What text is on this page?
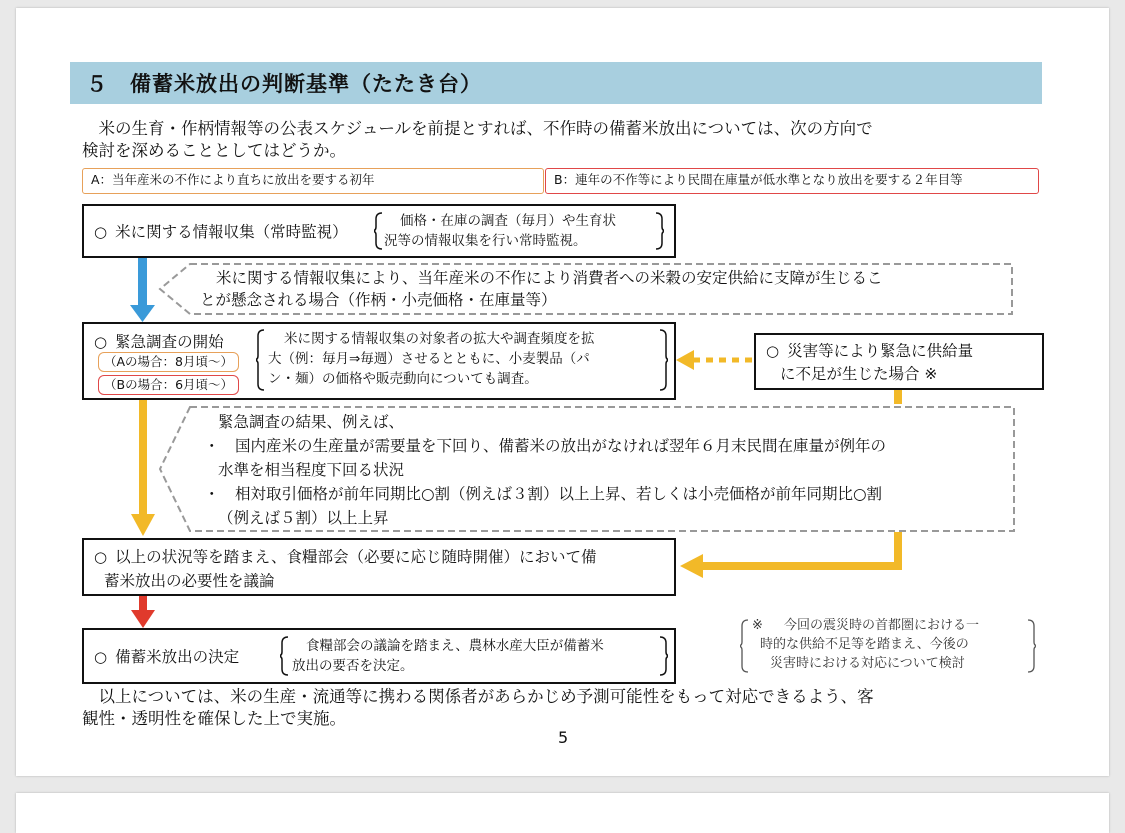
５　備蓄米放出の判断基準（たたき台）
　米の生育・作柄情報等の公表スケジュールを前提とすれば、不作時の備蓄米放出については、次の方向で
検討を深めることとしてはどうか。
A：当年産米の不作により直ちに放出を要する初年	B：連年の不作等により民間在庫量が低水準となり放出を要する２年目等
○ 米に関する情報収集（常時監視）
価格・在庫の調査（毎月）や生育状
況等の情報収集を行い常時監視。
米に関する情報収集により、当年産米の不作により消費者への米穀の安定供給に支障が生じるこ
とが懸念される場合（作柄・小売価格・在庫量等）
○ 緊急調査の開始
（Aの場合：8月頃～）
（Bの場合：6月頃～）
米に関する情報収集の対象者の拡大や調査頻度を拡
大（例：毎月⇒毎週）させるとともに、小麦製品（パ
ン・麺）の価格や販売動向についても調査。
○ 災害等により緊急に供給量
に不足が生じた場合 ※
緊急調査の結果、例えば、
・　国内産米の生産量が需要量を下回り、備蓄米の放出がなければ翌年６月末民間在庫量が例年の
水準を相当程度下回る状況
・　相対取引価格が前年同期比○割（例えば３割）以上上昇、若しくは小売価格が前年同期比○割
（例えば５割）以上上昇
○ 以上の状況等を踏まえ、食糧部会（必要に応じ随時開催）において備
蓄米放出の必要性を議論
○ 備蓄米放出の決定
食糧部会の議論を踏まえ、農林水産大臣が備蓄米
放出の要否を決定。
※ 今回の震災時の首都圏における一
時的な供給不足等を踏まえ、今後の
災害時における対応について検討
　以上については、米の生産・流通等に携わる関係者があらかじめ予測可能性をもって対応できるよう、客
観性・透明性を確保した上で実施。
5
